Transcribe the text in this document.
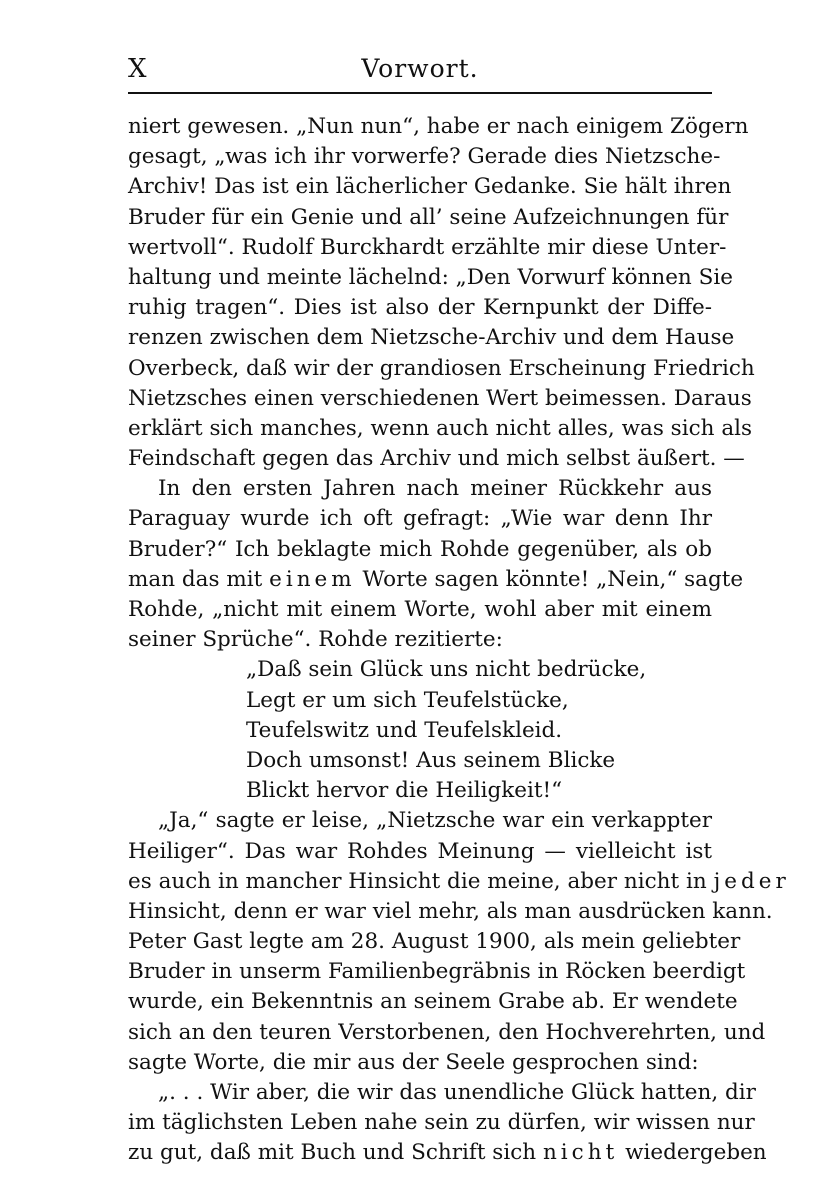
X	Vorwort.
niert gewesen. „Nun nun“, habe er nach einigem Zögern
gesagt, „was ich ihr vorwerfe? Gerade dies Nietzsche-
Archiv! Das ist ein lächerlicher Gedanke. Sie hält ihren
Bruder für ein Genie und all’ seine Aufzeichnungen für
wertvoll“. Rudolf Burckhardt erzählte mir diese Unter-
haltung und meinte lächelnd: „Den Vorwurf können Sie
ruhig tragen“. Dies ist also der Kernpunkt der Diffe-
renzen zwischen dem Nietzsche-Archiv und dem Hause
Overbeck, daß wir der grandiosen Erscheinung Friedrich
Nietzsches einen verschiedenen Wert beimessen. Daraus
erklärt sich manches, wenn auch nicht alles, was sich als
Feindschaft gegen das Archiv und mich selbst äußert. —
In den ersten Jahren nach meiner Rückkehr aus
Paraguay wurde ich oft gefragt: „Wie war denn Ihr
Bruder?“ Ich beklagte mich Rohde gegenüber, als ob
man das mit einem Worte sagen könnte! „Nein,“ sagte
Rohde, „nicht mit einem Worte, wohl aber mit einem
seiner Sprüche“. Rohde rezitierte:
„Daß sein Glück uns nicht bedrücke,
Legt er um sich Teufelstücke,
Teufelswitz und Teufelskleid.
Doch umsonst! Aus seinem Blicke
Blickt hervor die Heiligkeit!“
„Ja,“ sagte er leise, „Nietzsche war ein verkappter
Heiliger“. Das war Rohdes Meinung — vielleicht ist
es auch in mancher Hinsicht die meine, aber nicht in jeder
Hinsicht, denn er war viel mehr, als man ausdrücken kann.
Peter Gast legte am 28. August 1900, als mein geliebter
Bruder in unserm Familienbegräbnis in Röcken beerdigt
wurde, ein Bekenntnis an seinem Grabe ab. Er wendete
sich an den teuren Verstorbenen, den Hochverehrten, und
sagte Worte, die mir aus der Seele gesprochen sind:
„. . . Wir aber, die wir das unendliche Glück hatten, dir
im täglichsten Leben nahe sein zu dürfen, wir wissen nur
zu gut, daß mit Buch und Schrift sich nicht wiedergeben
